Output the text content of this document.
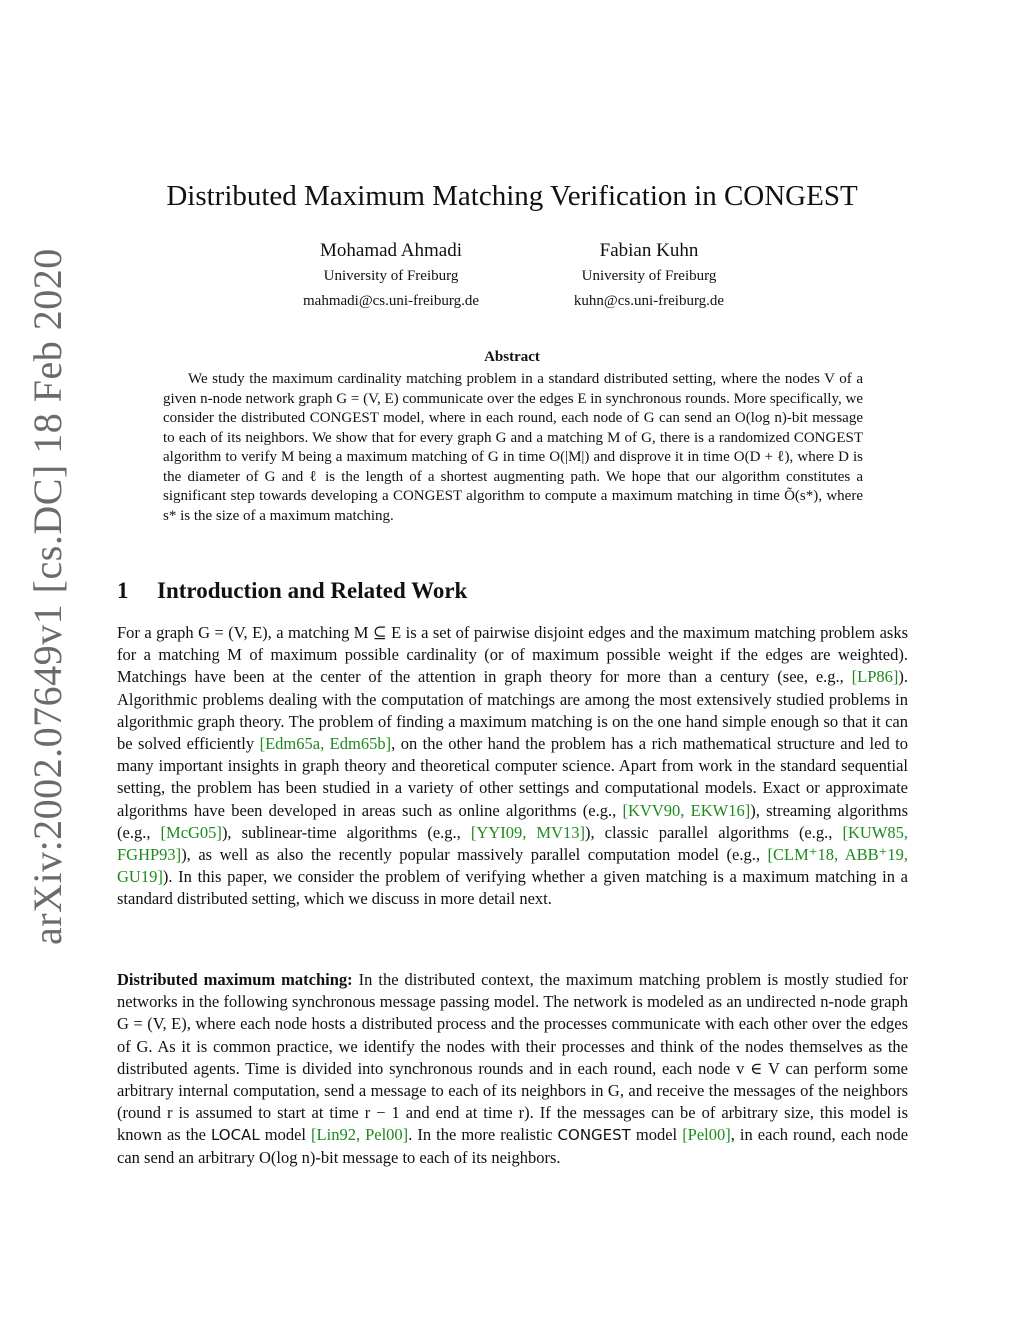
arXiv:2002.07649v1 [cs.DC] 18 Feb 2020
Distributed Maximum Matching Verification in CONGEST
Mohamad Ahmadi
University of Freiburg
mahmadi@cs.uni-freiburg.de
Fabian Kuhn
University of Freiburg
kuhn@cs.uni-freiburg.de
Abstract

We study the maximum cardinality matching problem in a standard distributed setting, where the nodes V of a given n-node network graph G = (V, E) communicate over the edges E in synchronous rounds. More specifically, we consider the distributed CONGEST model, where in each round, each node of G can send an O(log n)-bit message to each of its neighbors. We show that for every graph G and a matching M of G, there is a randomized CONGEST algorithm to verify M being a maximum matching of G in time O(|M|) and disprove it in time O(D + ℓ), where D is the diameter of G and ℓ is the length of a shortest augmenting path. We hope that our algorithm constitutes a significant step towards developing a CONGEST algorithm to compute a maximum matching in time Õ(s*), where s* is the size of a maximum matching.

1 Introduction and Related Work

For a graph G = (V, E), a matching M ⊆ E is a set of pairwise disjoint edges and the maximum matching problem asks for a matching M of maximum possible cardinality (or of maximum possible weight if the edges are weighted). Matchings have been at the center of the attention in graph theory for more than a century (see, e.g., [LP86]). Algorithmic problems dealing with the computation of matchings are among the most extensively studied problems in algorithmic graph theory. The problem of finding a maximum matching is on the one hand simple enough so that it can be solved efficiently [Edm65a, Edm65b], on the other hand the problem has a rich mathematical structure and led to many important insights in graph theory and theoretical computer science. Apart from work in the standard sequential setting, the problem has been studied in a variety of other settings and computational models. Exact or approximate algorithms have been developed in areas such as online algorithms (e.g., [KVV90, EKW16]), streaming algorithms (e.g., [McG05]), sublinear-time algorithms (e.g., [YYI09, MV13]), classic parallel algorithms (e.g., [KUW85, FGHP93]), as well as also the recently popular massively parallel computation model (e.g., [CLM⁺18, ABB⁺19, GU19]). In this paper, we consider the problem of verifying whether a given matching is a maximum matching in a standard distributed setting, which we discuss in more detail next.

Distributed maximum matching: In the distributed context, the maximum matching problem is mostly studied for networks in the following synchronous message passing model. The network is modeled as an undirected n-node graph G = (V, E), where each node hosts a distributed process and the processes communicate with each other over the edges of G. As it is common practice, we identify the nodes with their processes and think of the nodes themselves as the distributed agents. Time is divided into synchronous rounds and in each round, each node v ∈ V can perform some arbitrary internal computation, send a message to each of its neighbors in G, and receive the messages of the neighbors (round r is assumed to start at time r − 1 and end at time r). If the messages can be of arbitrary size, this model is known as the LOCAL model [Lin92, Pel00]. In the more realistic CONGEST model [Pel00], in each round, each node can send an arbitrary O(log n)-bit message to each of its neighbors.
